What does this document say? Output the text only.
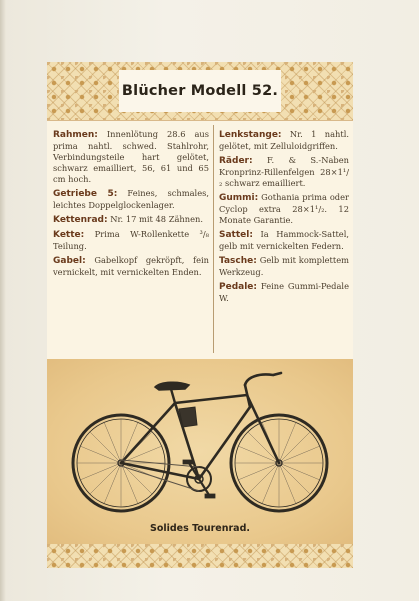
Blücher Modell 52.
Rahmen: Innenlötung 28.6 aus prima nahtl. schwed. Stahlrohr, Verbindungsteile hart gelötet, schwarz emailliert, 56, 61 und 65 cm hoch.
Getriebe 5: Feines, schmales, leichtes Doppelglockenlager.
Kettenrad: Nr. 17 mit 48 Zähnen.
Kette: Prima W-Rollenkette ³/₈ Teilung.
Gabel: Gabelkopf gekröpft, fein vernickelt, mit vernickelten Enden.
Lenkstange: Nr. 1 nahtl. gelötet, mit Zelluloidgriffen.
Räder: F. & S.-Naben Kronprinz-Rillenfelgen 28×1¹/₂ schwarz emailliert.
Gummi: Gothania prima oder Cyclop extra 28×1¹/₂. 12 Monate Garantie.
Sattel: Ia Hammock-Sattel, gelb mit vernickelten Federn.
Tasche: Gelb mit komplettem Werkzeug.
Pedale: Feine Gummi-Pedale W.
Solides Tourenrad.
